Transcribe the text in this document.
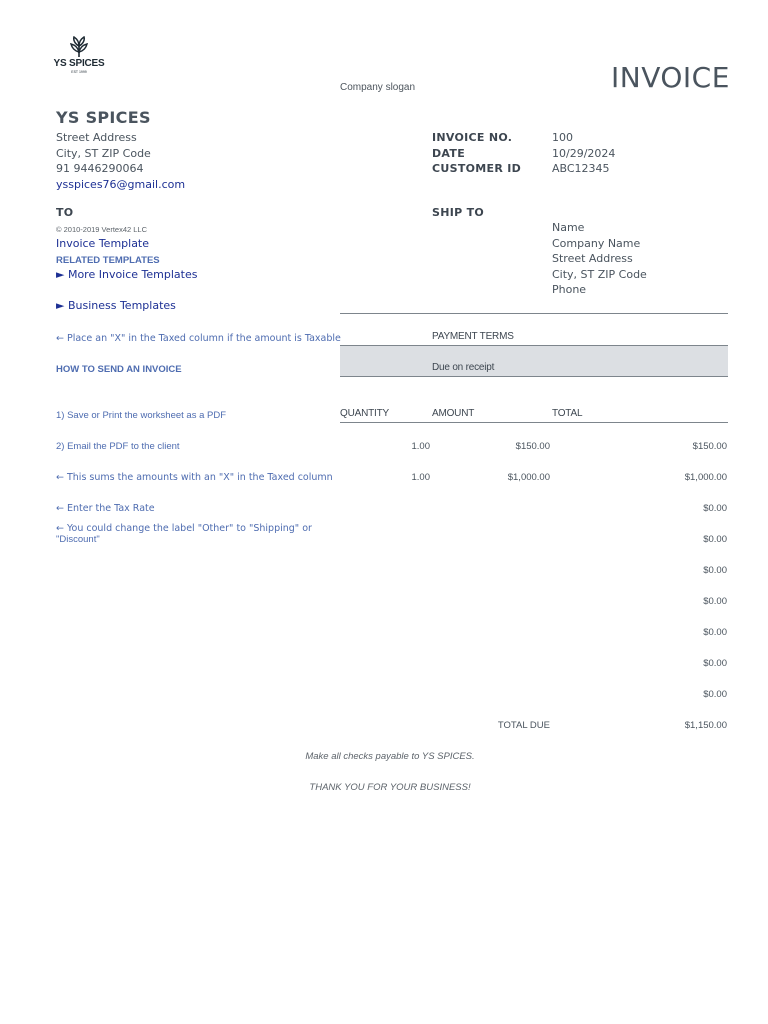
YS SPICES
EST 1999
Company slogan	INVOICE
YS SPICES
Street Address
City, ST ZIP Code
91 9446290064
ysspices76@gmail.com
INVOICE NO.	100
DATE	10/29/2024
CUSTOMER ID	ABC12345
TO
© 2010-2019 Vertex42 LLC
Invoice Template
RELATED TEMPLATES
► More Invoice Templates
► Business Templates
SHIP TO
Name
Company Name
Street Address
City, ST ZIP Code
Phone
← Place an "X" in the Taxed column if the amount is Taxable	PAYMENT TERMS
Due on receipt
HOW TO SEND AN INVOICE
QUANTITY	AMOUNT	TOTAL
1) Save or Print the worksheet as a PDF
2) Email the PDF to the client
← This sums the amounts with an "X" in the Taxed column
← Enter the Tax Rate
← You could change the label "Other" to "Shipping" or
"Discount"
1.00	$150.00	$150.00
1.00	$1,000.00	$1,000.00
$0.00
$0.00
$0.00
$0.00
$0.00
$0.00
$0.00
TOTAL DUE	$1,150.00
Make all checks payable to YS SPICES.
THANK YOU FOR YOUR BUSINESS!
